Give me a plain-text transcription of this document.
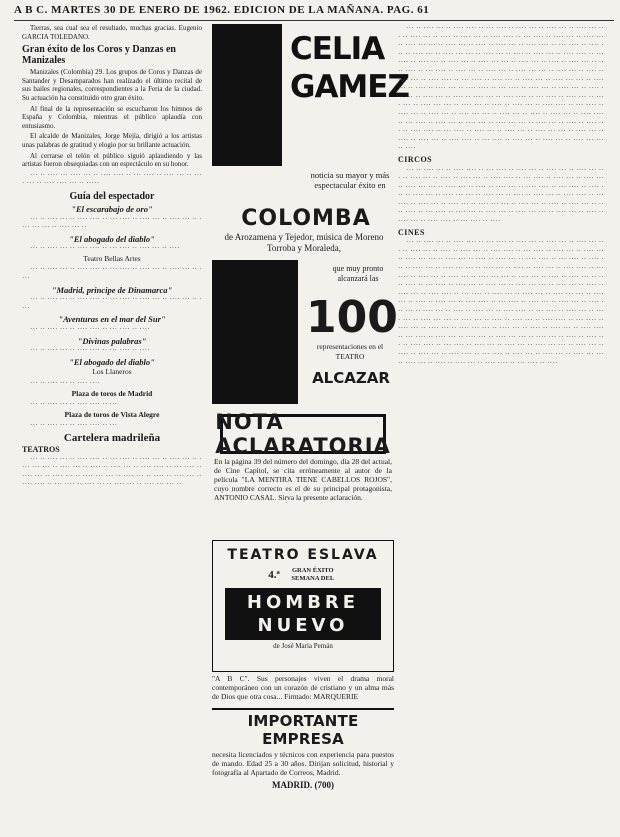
A B C. MARTES 30 DE ENERO DE 1962. EDICION DE LA MAÑANA. PAG. 61
Tierras, sea cual sea el resultado, muchas gracias. Eugenio GARCIA TOLEDANO.
Gran éxito de los Coros y Danzas en Manizales
Manizales (Colombia) 29. Los grupos de Coros y Danzas de Santander y Desamparados han realizado el último recital de sus bailes regionales, correspondientes a la Feria de la ciudad. Su actuación ha constituido otro gran éxito.
Al final de la representación se escucharon los himnos de España y Colombia, mientras el público aplaudía con entusiasmo.
El alcalde de Manizales, Jorge Mejía, dirigió a los artistas unas palabras de gratitud y elogio por su brillante actuación.
Al cerrarse el telón el público siguió aplaudiendo y las artistas fueron obsequiadas con un espectáculo en su honor.
··· ·· ···· ··· ···· ··· ·· ···· ···· ·· ··· ···· ·· ···· ··· ·· ···· ··· ·· ···· ···· ··· ·· ·····
Guía del espectador
"El escarabajo de oro"
··· ·· ···· ··· ·· ···· ···· ·· ··· ···· ·· ···· ··· ·· ···· ··· ·· ···· ··· ··· ·· ···· ··· ··
"El abogado del diablo"
··· ·· ···· ··· ·· ···· ···· ·· ··· ···· ·· ···· ··· ·· ····
Teatro Bellas Artes
··· ·· ···· ··· ·· ···· ···· ·· ··· ···· ·· ···· ··· ·· ···· ··· ·· ····
"Madrid, principe de Dinamarca"
··· ·· ···· ··· ·· ···· ···· ·· ··· ···· ·· ···· ··· ·· ···· ··· ·· ····
"Aventuras en el mar del Sur"
··· ·· ···· ··· ·· ···· ···· ·· ··· ···· ·· ····
"Divinas palabras"
··· ·· ···· ··· ·· ···· ···· ·· ··· ···· ·· ····
"El abogado del diablo"
Los Llaneros
··· ·· ···· ··· ·· ···· ····
Plaza de toros de Madrid
··· ·· ···· ··· ·· ···· ···· ·· ···
Plaza de toros de Vista Alegre
··· ·· ···· ··· ·· ···· ···· ·· ···
Cartelera madrileña
TEATROS
··· ·· ···· ··· ·· ···· ···· ·· ··· ···· ·· ···· ··· ·· ···· ··· ·· ···· ··· ··· ·· ···· ··· ·· ···· ·· ···· ··· ·· ···· ···· ·· ··· ···· ·· ···· ··· ·· ···· ··· ·· ···· ··· ··· ·· ···· ··· ·· ···· ·· ···· ··· ·· ···· ···· ·· ··· ···· ·· ···· ··· ·· ···· ··· ·· ···· ··· ··· ··
CELIA
GAMEZ
noticia su mayor y más espectacular éxito en
COLOMBA
de Arozamena y Tejedor, música de Moreno Torroba y Moraleda,
que muy pronto alcanzará las
100
representaciones en el TEATRO
ALCAZAR
NOTA ACLARATORIA
En la página 39 del número del domingo, día 28 del actual, de Cine Capitol, se cita erróneamente al autor de la película "LA MENTIRA TIENE CABELLOS ROJOS", cuyo nombre correcto es el de su principal protagonista, ANTONIO CASAL. Sirva la presente aclaración.
TEATRO ESLAVA
4.ª	GRAN ÉXITO SEMANA DEL
HOMBRE
NUEVO
de José María Pemán
"A B C". Sus personajes viven el drama moral contemporáneo con un corazón de cristiano y un alma más de Dios que otra cosa... Firmado: MARQUERIE
IMPORTANTE EMPRESA
necesita licenciados y técnicos con experiencia para puestos de mando. Edad 25 a 30 años. Dirijan solicitud, historial y fotografía al Apartado de Correos, Madrid.
MADRID. (700)
··· ·· ···· ··· ·· ···· ···· ·· ··· ···· ·· ···· ··· ·· ···· ··· ·· ···· ··· ··· ·· ···· ··· ·· ···· ·· ···· ··· ·· ···· ···· ·· ··· ···· ·· ···· ··· ·· ···· ··· ·· ···· ··· ··· ·· ···· ··· ·· ···· ·· ···· ··· ·· ···· ···· ·· ··· ···· ·· ···· ··· ·· ···· ··· ·· ···· ··· ··· ·· ···· ··· ·· ···· ·· ···· ··· ·· ···· ···· ·· ··· ···· ·· ···· ··· ·· ···· ··· ·· ···· ··· ··· ·· ···· ··· ·· ···· ·· ···· ··· ·· ···· ···· ·· ··· ···· ·· ···· ··· ·· ···· ··· ·· ···· ··· ··· ·· ···· ··· ·· ···· ·· ···· ··· ·· ···· ···· ·· ··· ···· ·· ···· ··· ·· ···· ··· ·· ···· ··· ··· ·· ···· ··· ·· ···· ·· ···· ··· ·· ···· ···· ·· ··· ···· ·· ···· ··· ·· ···· ··· ·· ···· ··· ··· ·· ···· ··· ·· ···· ·· ···· ··· ·· ···· ···· ·· ··· ···· ·· ···· ··· ·· ···· ··· ·· ···· ··· ··· ·· ···· ··· ·· ···· ·· ···· ··· ·· ···· ···· ·· ··· ···· ·· ···· ··· ·· ···· ··· ·· ···· ··· ··· ·· ···· ··· ·· ···· ·· ···· ··· ·· ···· ···· ·· ··· ···· ·· ···· ··· ·· ···· ··· ·· ···· ··· ··· ·· ···· ··· ·· ···· ·· ···· ··· ·· ···· ···· ·· ··· ···· ·· ···· ··· ·· ···· ··· ·· ···· ··· ··· ·· ···· ··· ·· ···· ·· ···· ··· ·· ···· ···· ·· ··· ···· ·· ···· ··· ·· ···· ··· ·· ···· ··· ··· ·· ····
CIRCOS
··· ·· ···· ··· ·· ···· ···· ·· ··· ···· ·· ···· ··· ·· ···· ··· ·· ···· ··· ··· ·· ···· ··· ·· ···· ·· ···· ··· ·· ···· ···· ·· ··· ···· ·· ···· ··· ·· ···· ··· ·· ···· ··· ··· ·· ···· ··· ·· ···· ·· ···· ··· ·· ···· ···· ·· ··· ···· ·· ···· ··· ·· ···· ··· ·· ···· ··· ··· ·· ···· ··· ·· ···· ·· ···· ··· ·· ···· ···· ·· ··· ···· ·· ···· ··· ·· ···· ··· ·· ···· ··· ··· ·· ···· ··· ·· ···· ·· ···· ··· ·· ···· ···· ·· ··· ···· ·· ···· ··· ·· ···· ··· ·· ···· ··· ··· ·· ···· ··· ·· ···· ·· ···· ··· ·· ···· ···· ·· ··· ···· ·· ····
CINES
··· ·· ···· ··· ·· ···· ···· ·· ··· ···· ·· ···· ··· ·· ···· ··· ·· ···· ··· ··· ·· ···· ··· ·· ···· ·· ···· ··· ·· ···· ···· ·· ··· ···· ·· ···· ··· ·· ···· ··· ·· ···· ··· ··· ·· ···· ··· ·· ···· ·· ···· ··· ·· ···· ···· ·· ··· ···· ·· ···· ··· ·· ···· ··· ·· ···· ··· ··· ·· ···· ··· ·· ···· ·· ···· ··· ·· ···· ···· ·· ··· ···· ·· ···· ··· ·· ···· ··· ·· ···· ··· ··· ·· ···· ··· ·· ···· ·· ···· ··· ·· ···· ···· ·· ··· ···· ·· ···· ··· ·· ···· ··· ·· ···· ··· ··· ·· ···· ··· ·· ···· ·· ···· ··· ·· ···· ···· ·· ··· ···· ·· ···· ··· ·· ···· ··· ·· ···· ··· ··· ·· ···· ··· ·· ···· ·· ···· ··· ·· ···· ···· ·· ··· ···· ·· ···· ··· ·· ···· ··· ·· ···· ··· ··· ·· ···· ··· ·· ···· ·· ···· ··· ·· ···· ···· ·· ··· ···· ·· ···· ··· ·· ···· ··· ·· ···· ··· ··· ·· ···· ··· ·· ···· ·· ···· ··· ·· ···· ···· ·· ··· ···· ·· ···· ··· ·· ···· ··· ·· ···· ··· ··· ·· ···· ··· ·· ···· ·· ···· ··· ·· ···· ···· ·· ··· ···· ·· ···· ··· ·· ···· ··· ·· ···· ··· ··· ·· ···· ··· ·· ···· ·· ···· ··· ·· ···· ···· ·· ··· ···· ·· ···· ··· ·· ···· ··· ·· ···· ··· ··· ·· ···· ··· ·· ···· ·· ···· ··· ·· ···· ···· ·· ··· ···· ·· ···· ··· ·· ···· ··· ·· ···· ··· ··· ·· ···· ··· ·· ···· ·· ···· ··· ·· ···· ···· ·· ··· ···· ·· ····
